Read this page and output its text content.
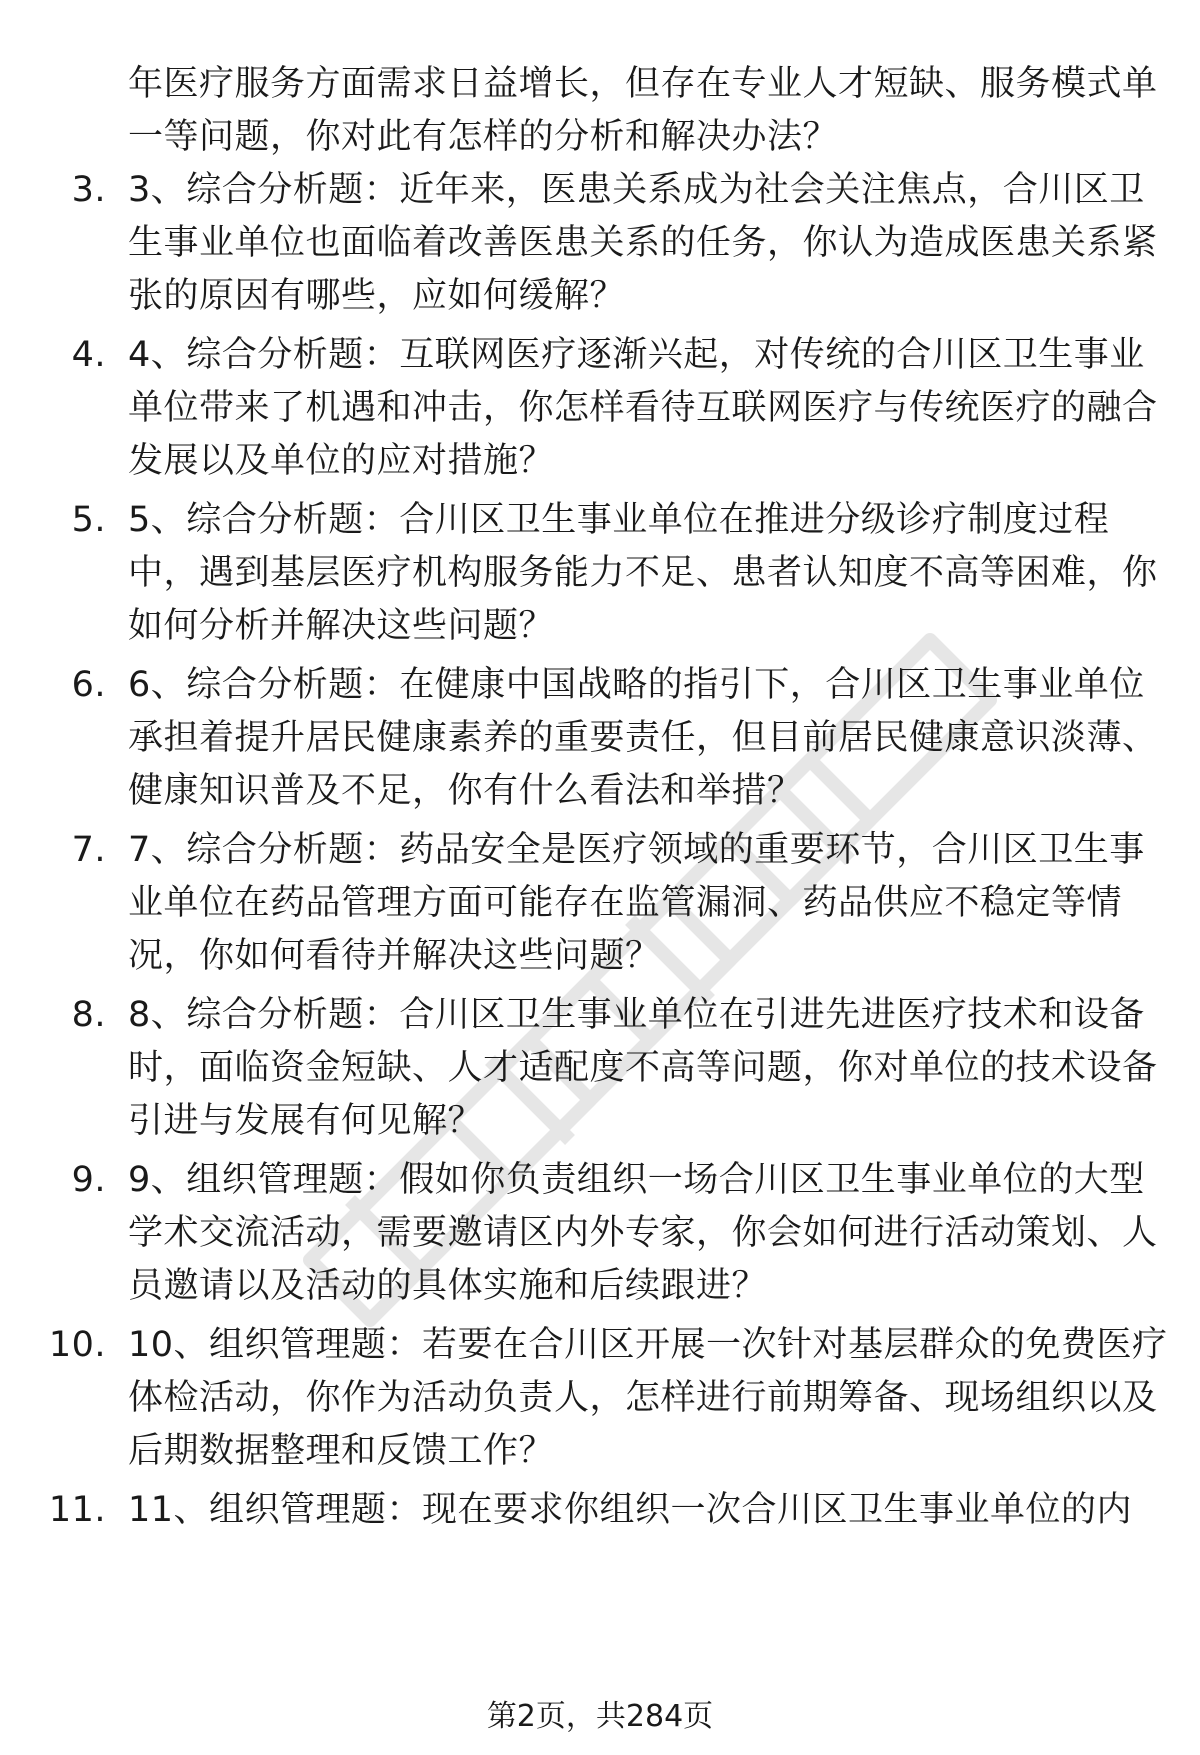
年医疗服务方面需求日益增长，但存在专业人才短缺、服务模式单一等问题，你对此有怎样的分析和解决办法？
3. 3、综合分析题：近年来，医患关系成为社会关注焦点，合川区卫生事业单位也面临着改善医患关系的任务，你认为造成医患关系紧张的原因有哪些，应如何缓解？
4. 4、综合分析题：互联网医疗逐渐兴起，对传统的合川区卫生事业单位带来了机遇和冲击，你怎样看待互联网医疗与传统医疗的融合发展以及单位的应对措施？
5. 5、综合分析题：合川区卫生事业单位在推进分级诊疗制度过程中，遇到基层医疗机构服务能力不足、患者认知度不高等困难，你如何分析并解决这些问题？
6. 6、综合分析题：在健康中国战略的指引下，合川区卫生事业单位承担着提升居民健康素养的重要责任，但目前居民健康意识淡薄、健康知识普及不足，你有什么看法和举措？
7. 7、综合分析题：药品安全是医疗领域的重要环节，合川区卫生事业单位在药品管理方面可能存在监管漏洞、药品供应不稳定等情况，你如何看待并解决这些问题？
8. 8、综合分析题：合川区卫生事业单位在引进先进医疗技术和设备时，面临资金短缺、人才适配度不高等问题，你对单位的技术设备引进与发展有何见解？
9. 9、组织管理题：假如你负责组织一场合川区卫生事业单位的大型学术交流活动，需要邀请区内外专家，你会如何进行活动策划、人员邀请以及活动的具体实施和后续跟进？
10. 10、组织管理题：若要在合川区开展一次针对基层群众的免费医疗体检活动，你作为活动负责人，怎样进行前期筹备、现场组织以及后期数据整理和反馈工作？
11. 11、组织管理题：现在要求你组织一次合川区卫生事业单位的内
第2页，共284页
